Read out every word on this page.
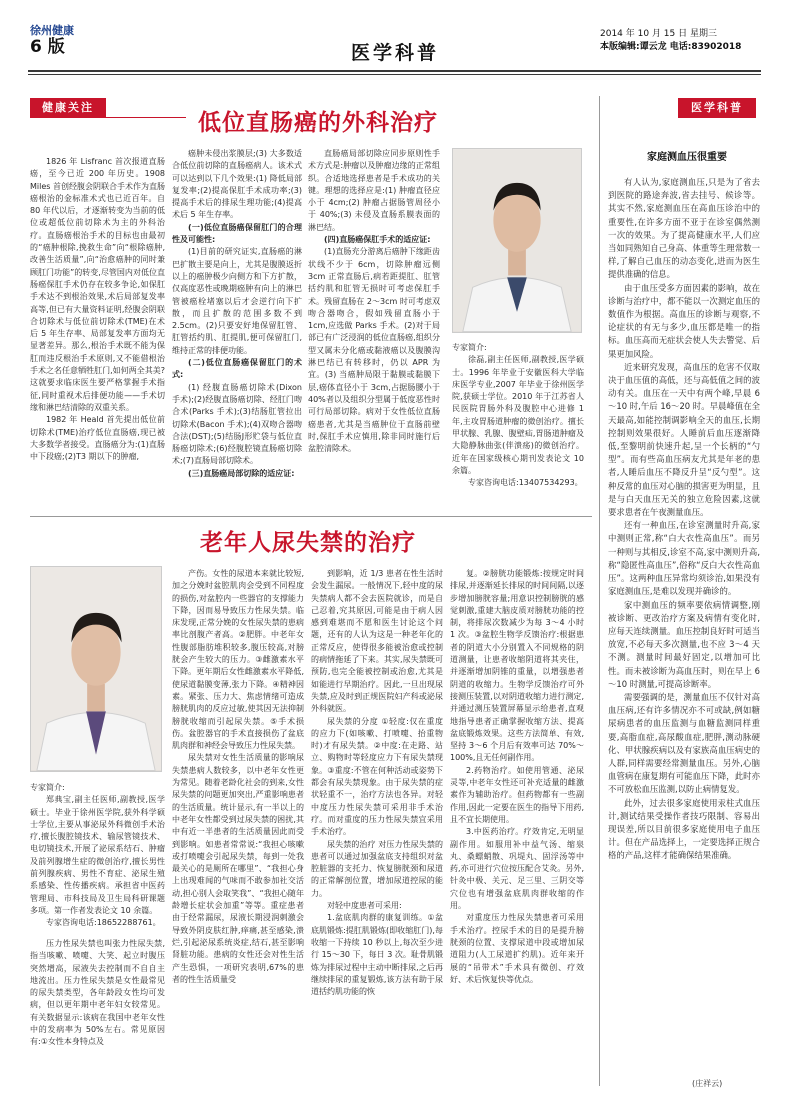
徐州健康
6 版	医学科普
2014 年 10 月 15 日 星期三
本版编辑:谭云龙 电话:83902018
健康关注	医学科普
低位直肠癌的外科治疗

1826 年 Lisfranc 首次报道直肠癌，至今已近 200 年历史。1908 Miles 首创经腹会阴联合手术作为直肠癌根治的金标准术式也已近百年。自 80 年代以后，才逐渐转变为当前的低位或超低位前切除术为主的外科治疗。直肠癌根治手术的目标也由最初的“癌肿根除,挽救生命”向“根除癌肿,改善生活质量”,向“治愈癌肿的同时兼顾肛门功能”的转变,尽管国内对低位直肠癌保肛手术仍存在较多争论,如保肛手术达不到根治效果,术后局部复发率高等,但已有大量资料证明,经腹会阴联合切除术与低位前切除术(TME)在术后 5 年生存率、局部复发率方面均无显著差异。那么,根治手术既不能为保肛而违反根治手术原则,又不能借根治手术之名任意牺牲肛门,如何两全其美?这就要求临床医生要严格掌握手术指征,同时重视术后排便功能——手术切缘和淋巴结清除的双重关系。

1982 年 Heald 首先提出低位前切除术(TME)治疗低位直肠癌,现已被大多数学者接受。直肠癌分为:(1)直肠中下段癌;(2)T3 期以下的肿瘤,

癌肿未侵出浆膜层;(3) 大多数适合低位前切除的直肠癌病人。该术式可以达到以下几个效果:(1) 降低局部复发率;(2)提高保肛手术成功率;(3)提高手术后的排尿生理功能;(4)提高术后 5 年生存率。

(一)低位直肠癌保留肛门的合理性及可能性:

(1)目前的研究证实,直肠癌的淋巴扩散主要是向上，尤其是腹膜返折以上的癌肿极少向侧方和下方扩散，仅高度恶性或晚期癌肿有向上的淋巴管被癌栓堵塞以后才会逆行向下扩散，而且扩散的范围多数不到 2.5cm。(2)只要安好地保留肛管、肛管括约肌、肛提肌,便可保留肛门,维持正常的排便功能。

(二)低位直肠癌保留肛门的术式:

(1) 经腹直肠癌切除术(Dixon 手术);(2)经腹直肠癌切除、经肛门吻合术(Parks 手术);(3)结肠肛管拉出切除术(Bacon 手术);(4)双吻合器吻合法(DST);(5)结肠J形贮袋与低位直肠癌切除术;(6)经腹腔镜直肠癌切除术;(7)直肠局部切除术。

(三)直肠癌局部切除的适应证:

直肠癌局部切除应同步原则性手术方式是:肿瘤以及肿瘤边缘的正常组织。合适地选择患者是手术成功的关键。理想的选择应是:(1) 肿瘤直径应小于 4cm;(2) 肿瘤占据肠管周径小于 40%;(3) 未侵及直肠系膜表面的淋巴结。

(四)直肠癌保肛手术的适应证:

(1)直肠充分游离后癌肿下缘距齿状线不少于 6cm，切除肿瘤远侧 3cm 正常直肠后,病若距提肛、肛管括约肌和肛管无损时可考虑保肛手术。残留直肠在 2～3cm 时可考虑双吻合器吻合，假如残留直肠小于 1cm,应选做 Parks 手术。(2)对于局部已有广泛浸润的低位直肠癌,组织分型又属未分化癌或黏液癌以及腹膜沟淋巴结已有转移时，仍以 APR 为宜。(3) 当癌肿局限于黏膜或黏膜下层,癌体直径小于 3cm,占据肠腰小于 40%者以及组织分型属于低度恶性时可行局部切除。病对于女性低位直肠癌患者,尤其是当癌肿位于直肠前壁时,保肛手术应慎用,除非同时施行后盆腔清除术。

专家简介:

徐磊,副主任医师,副教授,医学硕士。1996 年毕业于安徽医科大学临床医学专业,2007 年毕业于徐州医学院,获硕士学位。2010 年于江苏省人民医院胃肠外科及腹腔中心进修 1 年,主攻胃肠道肿瘤的微创治疗。擅长甲状腺、乳腺、腹壁疝,胃肠道肿瘤及大隐静脉曲张(伴溃疡)的微创治疗。近年在国家级核心期刊发表论文 10 余篇。

专家咨询电话:13407534293。

老年人尿失禁的治疗

专家简介:

郑典宝,副主任医师,副教授,医学硕士。毕业于徐州医学院,获外科学硕士学位,主要从事泌尿外科微创手术治疗,擅长腹腔镜技术、输尿管镜技术、电切镜技术,开展了泌尿系结石、肿瘤及前列腺增生症的微创治疗,擅长男性前列腺疾病、男性不育症、泌尿生殖系感染、性传播疾病。承担省中医药管理局、市科技局及卫生局科研课题多项。第一作者发表论文 10 余篇。

专家咨询电话:18652288761。

压力性尿失禁也叫张力性尿失禁,指当咳嗽、喷嚏、大笑、起立时腹压突然增高，尿液失去控制而不自自主地流出。压力性尿失禁是女性最常见的尿失禁类型，各年龄段女性均可发病，但以更年期中老年妇女较常见。有关数据显示:该病在我国中老年女性中的发病率为 50%左右。常见原因有:①女性本身特点及

产伤。女性的尿道本来就比较短,加之分娩时盆腔肌肉会受到不同程度的损伤,对盆腔内一些器官的支撑能力下降，因而易导致压力性尿失禁。临床发现,正常分娩的女性尿失禁的患病率比剖腹产者高。②肥胖。中老年女性腹部脂肪堆积较多,腹压较高,对膀胱会产生较大的压力。③雌激素水平下降。更年期后女性雌激素水平降低,使尿道黏膜变薄,张力下降。④精神因素。紧张、压力大、焦虑情绪可造成膀胱肌肉的反应过敏,使其因无法抑制膀胱收缩而引起尿失禁。⑤手术损伤。盆腔器官的手术直接损伤了盆底肌肉群和神经会导致压力性尿失禁。

尿失禁对女性生活质量的影响尿失禁患病人数较多，以中老年女性更为常见。随着老龄化社会的到来,女性尿失禁的问题更加突出,严重影响患者的生活质量。统计显示,有一半以上的中老年女性都受到过尿失禁的困扰,其中有近一半患者的生活质量因此而受到影响。如患者常常说:“我担心咳嗽或打喷嚏会引起尿失禁，每到一处我最关心的是厕所在哪里”、“我担心身上出现难闻的气味而不敢参加社交活动,担心别人会取笑我”、“我担心随年龄增长症状会加重”等等。重症患者由于经常漏尿，尿液长期浸润刺激会导致外阴皮肤红肿,痒痛,甚至感染,溃烂,引起泌尿系统炎症,结石,甚至影响肾脏功能。患病的女性还会对性生活产生恐惧，一项研究表明,67%的患者的性生活质量受

到影响，近 1/3 患者在性生活时会发生漏尿。一般情况下,轻中度的尿失禁病人都不会去医院就诊，而是自己忍着,究其原因,可能是由于病人因感到难堪而不愿和医生讨论这个问题，还有的人认为这是一种老年化的正常反应，使得很多能被治愈或控制的病情拖延了下来。其实,尿失禁既可预防,也完全能被控制或治愈,尤其是如能进行早期治疗。因此,一旦出现尿失禁,应及时到正规医院妇产科或泌尿外科就医。

尿失禁的分度 ①轻度:仅在重度的应力下(如咳嗽、打喷嚏、抬重物时)才有尿失禁。②中度:在走路、站立、购物时等轻度应力下有尿失禁现象。③重度:不管在何种活动或姿势下都会有尿失禁现象。由于尿失禁的症状轻重不一，治疗方法也各异。对轻中度压力性尿失禁可采用非手术治疗。而对重度的压力性尿失禁宜采用手术治疗。

尿失禁的治疗 对压力性尿失禁的患者可以通过加强盆底支持组织对盆腔脏器的支托力、恢复膀胱颈和尿道的正常解剖位置，增加尿道控尿的能力。

对轻中度患者可采用:

1.盆底肌肉群的康复训练。①盆底肌锻炼:提肛肌锻炼(即收缩肛门),每收缩一下持续 10 秒以上,每次至少进行 15～30 下，每日 3 次。耻骨肌锻炼为排尿过程中主动中断排尿,之后再继续排尿的重复锻炼,该方法有助于尿道括约肌功能的恢

复。②膀胱功能锻炼:按规定时间排尿,并逐渐延长排尿的时间间隔,以逐步增加膀胱容量;用意识控制膀胱的感觉刺激,重建大脑皮质对膀胱功能的控制，将排尿次数减少为每 3～4 小时 1 次。③盆腔生物学反馈治疗:根据患者的阴道大小分别置入不同规格的阴道测量，让患者收缩阴道将其夹住，并逐渐增加阴锥的重量，以增强患者阴道的收缩力。生物学反馈治疗可外接测压装置,以对阴道收缩力进行测定,并通过测压装置屏幕显示给患者,直观地指导患者正确掌握收缩方法、提高盆底锻炼效果。这些方法简单、有效,坚持 3～6 个月后有效率可达 70%～100%,且无任何副作用。

2.药物治疗。如使用管通、泌尿灵等,中老年女性还可补充适量的雌激素作为辅助治疗。但药物都有一些副作用,因此一定要在医生的指导下用药,且不宜长期使用。

3.中医药治疗。疗效肯定,无明显副作用。如服用补中益气汤、缩泉丸、桑螵蛸散、巩堤丸、固浮汤等中药,亦可进行穴位按压配合艾灸。另外,针灸中极、关元、足三里、三阴交等穴位也有增强盆底肌肉群收缩的作用。

对重度压力性尿失禁患者可采用手术治疗。控尿手术的目的是提升膀胱颈的位置、支撑尿道中段或增加尿道阻力(人工尿道扩约肌)。近年来开展的“吊带术”手术具有微创、疗效好、术后恢复快等优点。

家庭测血压很重要

有人认为,家庭测血压,只是为了省去到医院的路途奔波,省去挂号、候诊等。其实不然,家庭测血压在高血压诊治中的重要性,在许多方面不亚于在诊室偶然测一次的效果。为了提高健康水平,人们应当如同熟知自己身高、体重等生理常数一样,了解自己血压的动态变化,进而为医生提供准确的信息。

由于血压受多方面因素的影响，故在诊断与治疗中，都不能以一次测定血压的数值作为根据。高血压的诊断与观察,不论症状的有无与多少,血压都是唯一的指标。血压高而无症状会使人失去警觉、后果更加风险。

近来研究发现，高血压的危害不仅取决于血压值的高低，还与高低值之间的波动有关。血压在一天中有两个峰,早晨 6～10 时,午后 16～20 时。早晨峰值在全天最高,如能控制调影响全天的血压,长期控制则效果很好。人睡前后血压逐渐降低,至黎明前快速升起,呈一个长柄的“勺型”。而有些高血压病友尤其是年老的患者,人睡后血压不降反升呈“反勺型”。这种反常的血压对心脑的损害更为明显，且是与白天血压无关的独立危险因素,这就要求患者在午夜测量血压。

还有一种血压,在诊室测量时升高,家中测则正常,称“白大衣性高血压”。而另一种则与其相反,诊室不高,家中测则升高,称“隐匿性高血压”,俗称“反白大衣性高血压”。这两种血压异常均须诊治,如果没有家庭测血压,是难以发现并确诊的。

家中测血压的频率要依病情调整,刚被诊断、更改治疗方案及病情有变化时,应每天连续测量。血压控制良好时可适当放宽,不必每天多次测量,也不应 3～4 天不测。测量时间最好固定,以增加可比性。而未被诊断为高血压时，则在早上 6～10 时测量,可提高诊断率。

需要强调的是，测量血压不仅针对高血压病,还有许多情况亦不可或缺,例如糖尿病患者的血压监测与血糖监测同样重要,高脂血症,高尿酸血症,肥胖,测动脉硬化、甲状腺疾病以及有家族高血压病史的人群,同样需要经常测量血压。另外,心脑血管病在康复期有可能血压下降，此时亦不可放松血压监测,以防止病情复发。

此外，过去很多家庭使用汞柱式血压计,测试结果受操作者技巧限制、容易出现误差,所以目前很多家庭使用电子血压计。但在产品选择上，一定要选择正规合格的产品,这样才能确保结果准确。

(庄祥云)
